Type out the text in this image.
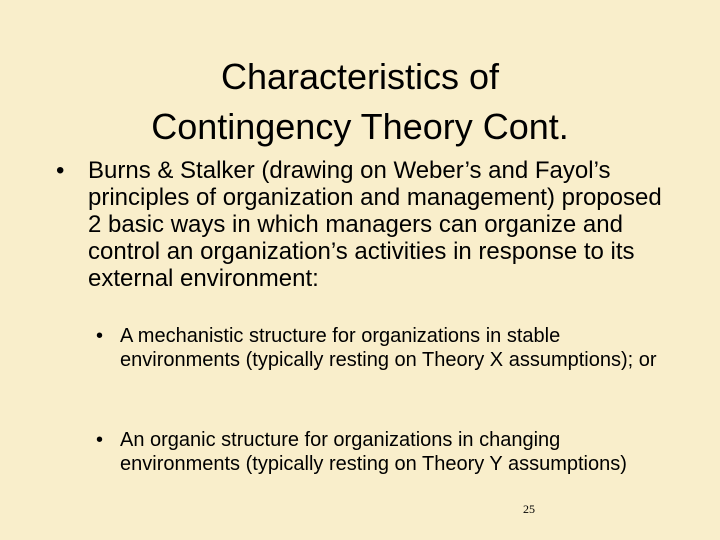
Characteristics of
Contingency Theory Cont.
• Burns & Stalker (drawing on Weber’s and Fayol’s principles of organization and management) proposed 2 basic ways in which managers can organize and control an organization’s activities in response to its external environment:
• A mechanistic structure for organizations in stable environments (typically resting on Theory X assumptions); or
• An organic structure for organizations in changing environments (typically resting on Theory Y assumptions)
25
